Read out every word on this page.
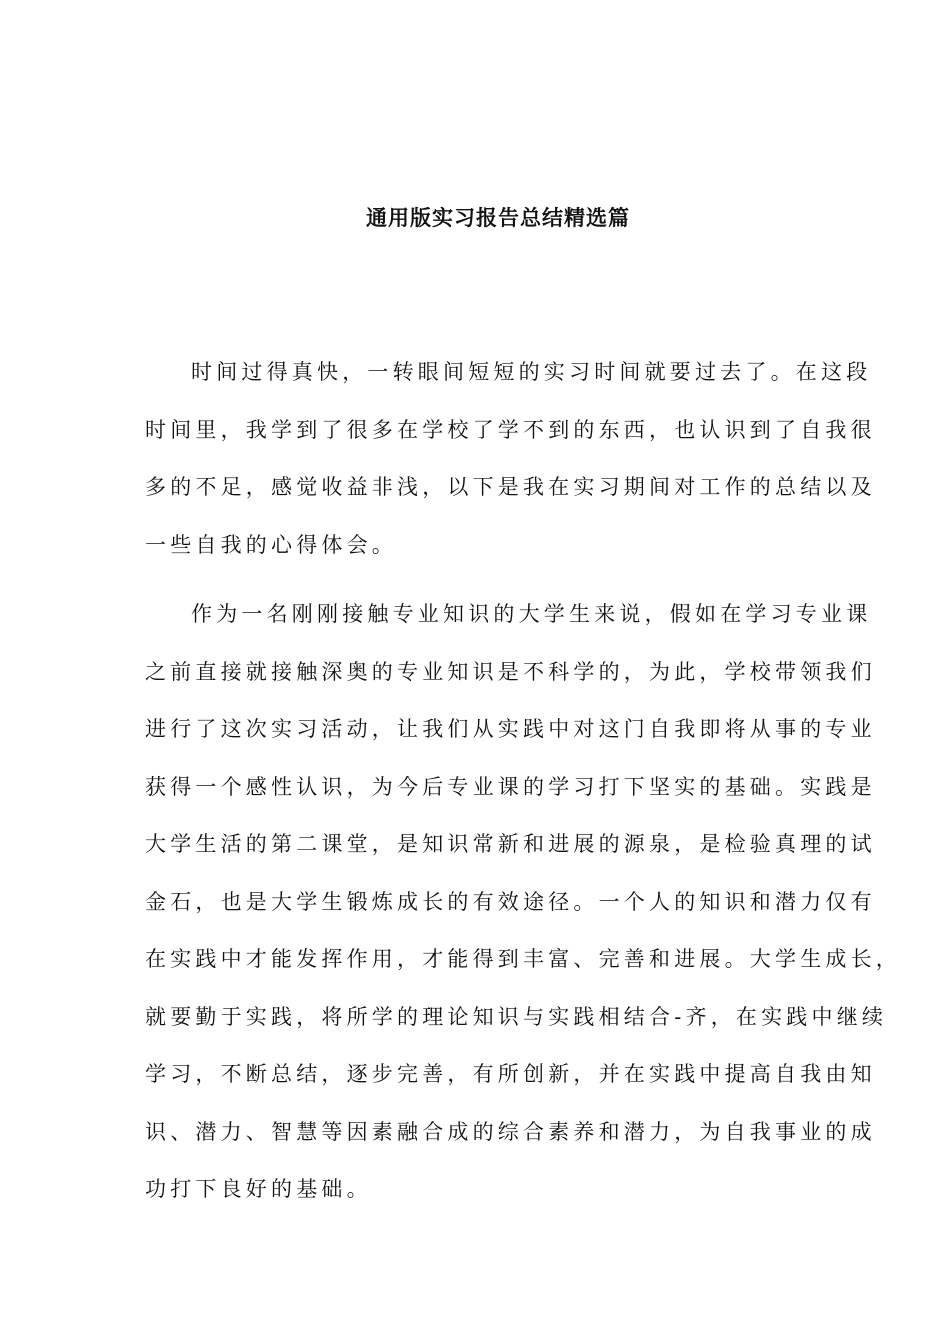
通用版实习报告总结精选篇

时间过得真快，一转眼间短短的实习时间就要过去了。在这段
时间里，我学到了很多在学校了学不到的东西，也认识到了自我很
多的不足，感觉收益非浅，以下是我在实习期间对工作的总结以及
一些自我的心得体会。

作为一名刚刚接触专业知识的大学生来说，假如在学习专业课
之前直接就接触深奥的专业知识是不科学的，为此，学校带领我们
进行了这次实习活动，让我们从实践中对这门自我即将从事的专业
获得一个感性认识，为今后专业课的学习打下坚实的基础。实践是
大学生活的第二课堂，是知识常新和进展的源泉，是检验真理的试
金石，也是大学生锻炼成长的有效途径。一个人的知识和潜力仅有
在实践中才能发挥作用，才能得到丰富、完善和进展。大学生成长，
就要勤于实践，将所学的理论知识与实践相结合-齐，在实践中继续
学习，不断总结，逐步完善，有所创新，并在实践中提高自我由知
识、潜力、智慧等因素融合成的综合素养和潜力，为自我事业的成
功打下良好的基础。
